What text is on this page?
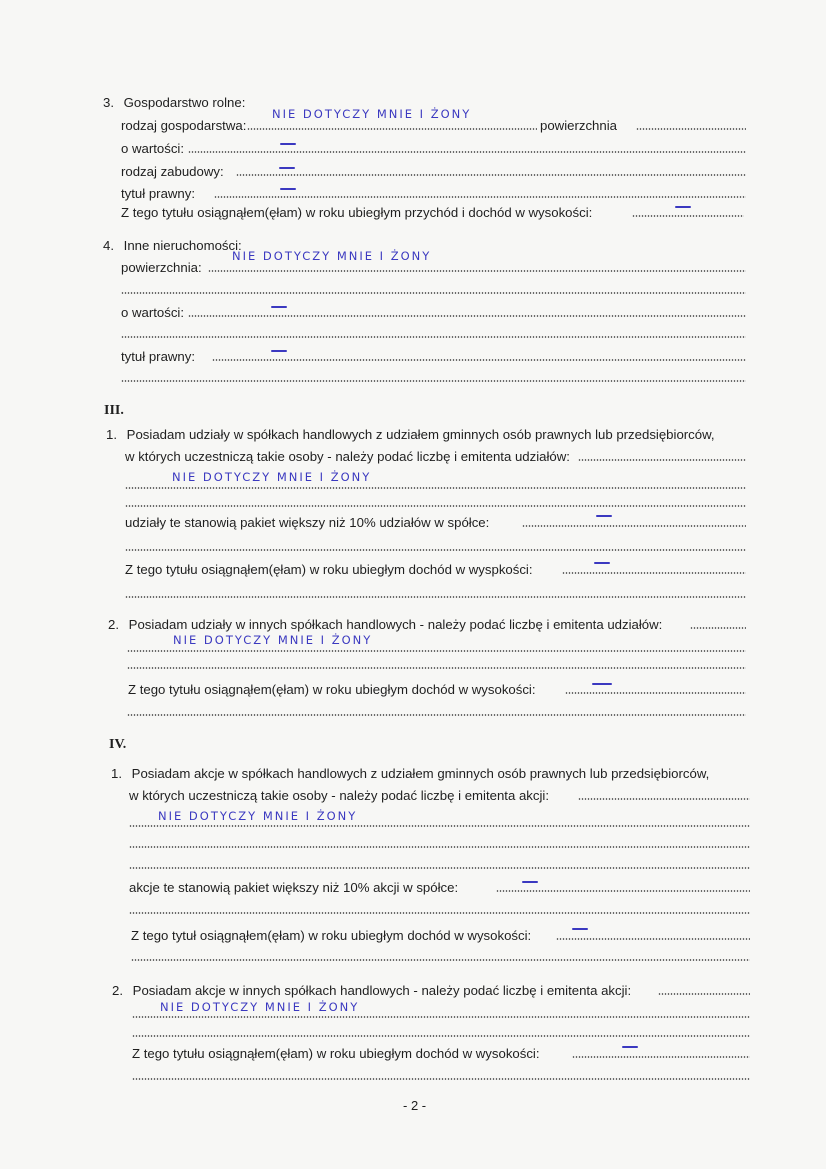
3. Gospodarstwo rolne:
rodzaj gospodarstwa:
NIE DOTYCZY MNIE I ŻONY
powierzchnia
o wartości:
rodzaj zabudowy:
tytuł prawny:
Z tego tytułu osiągnąłem(ęłam) w roku ubiegłym przychód i dochód w wysokości:
4. Inne nieruchomości:
powierzchnia:
NIE DOTYCZY MNIE I ŻONY
o wartości:
tytuł prawny:
III.
1. Posiadam udziały w spółkach handlowych z udziałem gminnych osób prawnych lub przedsiębiorców,
w których uczestniczą takie osoby - należy podać liczbę i emitenta udziałów:
NIE DOTYCZY MNIE I ŻONY
udziały te stanowią pakiet większy niż 10% udziałów w spółce:
Z tego tytułu osiągnąłem(ęłam) w roku ubiegłym dochód w wyspkości:
2. Posiadam udziały w innych spółkach handlowych - należy podać liczbę i emitenta udziałów:
NIE DOTYCZY MNIE I ŻONY
Z tego tytułu osiągnąłem(ęłam) w roku ubiegłym dochód w wysokości:
IV.
1. Posiadam akcje w spółkach handlowych z udziałem gminnych osób prawnych lub przedsiębiorców,
w których uczestniczą takie osoby - należy podać liczbę i emitenta akcji:
NIE DOTYCZY MNIE I ŻONY
akcje te stanowią pakiet większy niż 10% akcji w spółce:
Z tego tytuł osiągnąłem(ęłam) w roku ubiegłym dochód w wysokości:
2. Posiadam akcje w innych spółkach handlowych - należy podać liczbę i emitenta akcji:
NIE DOTYCZY MNIE I ŻONY
Z tego tytułu osiągnąłem(ęłam) w roku ubiegłym dochód w wysokości:
- 2 -
